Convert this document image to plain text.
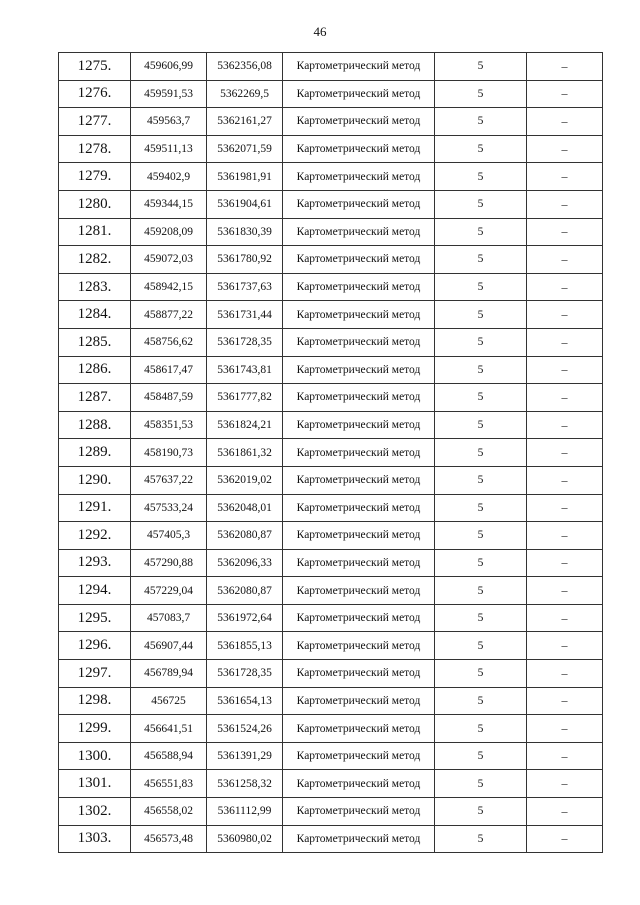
46
1275.	459606,99	5362356,08	Картометрический метод	5	–
1276.	459591,53	5362269,5	Картометрический метод	5	–
1277.	459563,7	5362161,27	Картометрический метод	5	–
1278.	459511,13	5362071,59	Картометрический метод	5	–
1279.	459402,9	5361981,91	Картометрический метод	5	–
1280.	459344,15	5361904,61	Картометрический метод	5	–
1281.	459208,09	5361830,39	Картометрический метод	5	–
1282.	459072,03	5361780,92	Картометрический метод	5	–
1283.	458942,15	5361737,63	Картометрический метод	5	–
1284.	458877,22	5361731,44	Картометрический метод	5	–
1285.	458756,62	5361728,35	Картометрический метод	5	–
1286.	458617,47	5361743,81	Картометрический метод	5	–
1287.	458487,59	5361777,82	Картометрический метод	5	–
1288.	458351,53	5361824,21	Картометрический метод	5	–
1289.	458190,73	5361861,32	Картометрический метод	5	–
1290.	457637,22	5362019,02	Картометрический метод	5	–
1291.	457533,24	5362048,01	Картометрический метод	5	–
1292.	457405,3	5362080,87	Картометрический метод	5	–
1293.	457290,88	5362096,33	Картометрический метод	5	–
1294.	457229,04	5362080,87	Картометрический метод	5	–
1295.	457083,7	5361972,64	Картометрический метод	5	–
1296.	456907,44	5361855,13	Картометрический метод	5	–
1297.	456789,94	5361728,35	Картометрический метод	5	–
1298.	456725	5361654,13	Картометрический метод	5	–
1299.	456641,51	5361524,26	Картометрический метод	5	–
1300.	456588,94	5361391,29	Картометрический метод	5	–
1301.	456551,83	5361258,32	Картометрический метод	5	–
1302.	456558,02	5361112,99	Картометрический метод	5	–
1303.	456573,48	5360980,02	Картометрический метод	5	–
